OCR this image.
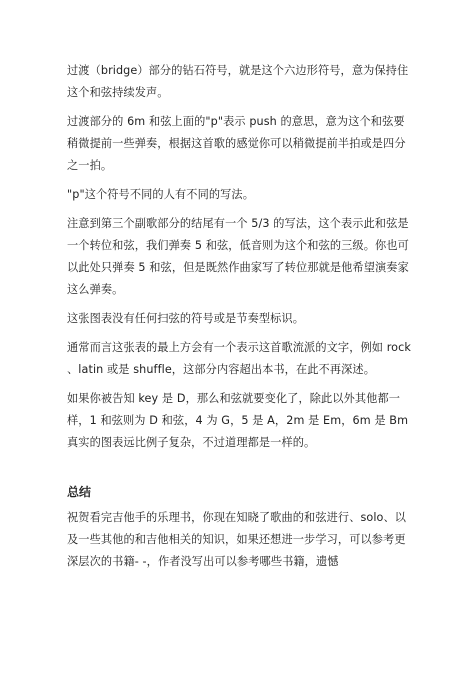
过渡（bridge）部分的钻石符号，就是这个六边形符号，意为保持住这个和弦持续发声。

过渡部分的 6m 和弦上面的"p"表示 push 的意思，意为这个和弦要稍微提前一些弹奏，根据这首歌的感觉你可以稍微提前半拍或是四分之一拍。

"p"这个符号不同的人有不同的写法。

注意到第三个副歌部分的结尾有一个 5/3 的写法，这个表示此和弦是一个转位和弦，我们弹奏 5 和弦，低音则为这个和弦的三级。你也可以此处只弹奏 5 和弦，但是既然作曲家写了转位那就是他希望演奏家这么弹奏。

这张图表没有任何扫弦的符号或是节奏型标识。

通常而言这张表的最上方会有一个表示这首歌流派的文字，例如 rock 、latin 或是 shuffle，这部分内容超出本书，在此不再深述。

如果你被告知 key 是 D，那么和弦就要变化了，除此以外其他都一样，1 和弦则为 D 和弦，4 为 G，5 是 A，2m 是 Em，6m 是 Bm

真实的图表远比例子复杂，不过道理都是一样的。

总结

祝贺看完吉他手的乐理书，你现在知晓了歌曲的和弦进行、solo、以及一些其他的和吉他相关的知识，如果还想进一步学习，可以参考更深层次的书籍- -，作者没写出可以参考哪些书籍，遗憾
